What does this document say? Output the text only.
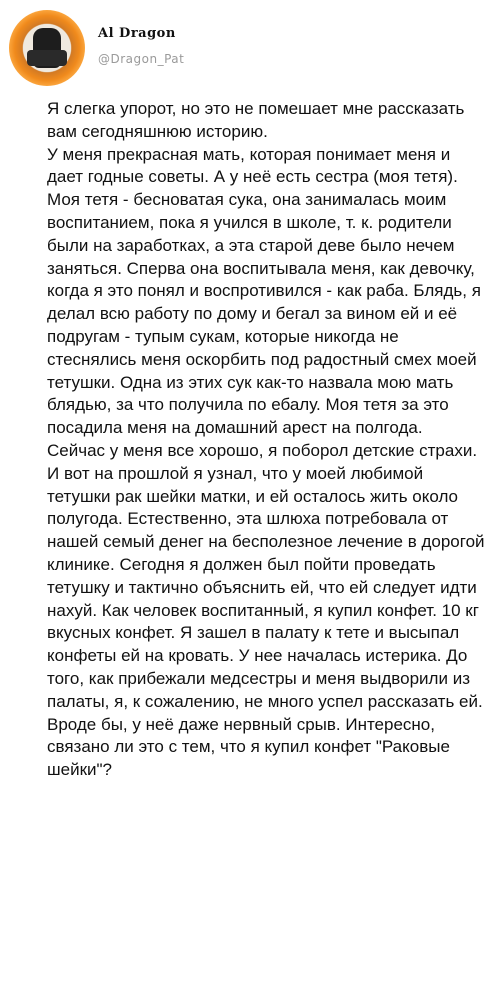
Al Dragon
@Dragon_Pat

Я слегка упорот, но это не помешает мне рассказать вам сегодняшнюю историю.

У меня прекрасная мать, которая понимает меня и дает годные советы. А у неё есть сестра (моя тетя). Моя тетя - бесноватая сука, она занималась моим воспитанием, пока я учился в школе, т. к. родители были на заработках, а эта старой деве было нечем заняться. Сперва она воспитывала меня, как девочку, когда я это понял и воспротивился - как раба. Блядь, я делал всю работу по дому и бегал за вином ей и её подругам - тупым сукам, которые никогда не стеснялись меня оскорбить под радостный смех моей тетушки. Одна из этих сук как-то назвала мою мать блядью, за что получила по ебалу. Моя тетя за это посадила меня на домашний арест на полгода.

Сейчас у меня все хорошо, я поборол детские страхи.

И вот на прошлой я узнал, что у моей любимой тетушки рак шейки матки, и ей осталось жить около полугода. Естественно, эта шлюха потребовала от нашей семый денег на бесполезное лечение в дорогой клинике. Сегодня я должен был пойти проведать тетушку и тактично объяснить ей, что ей следует идти нахуй. Как человек воспитанный, я купил конфет. 10 кг вкусных конфет. Я зашел в палату к тете и высыпал конфеты ей на кровать. У нее началась истерика. До того, как прибежали медсестры и меня выдворили из палаты, я, к сожалению, не много успел рассказать ей. Вроде бы, у неё даже нервный срыв. Интересно, связано ли это с тем, что я купил конфет "Раковые шейки"?
